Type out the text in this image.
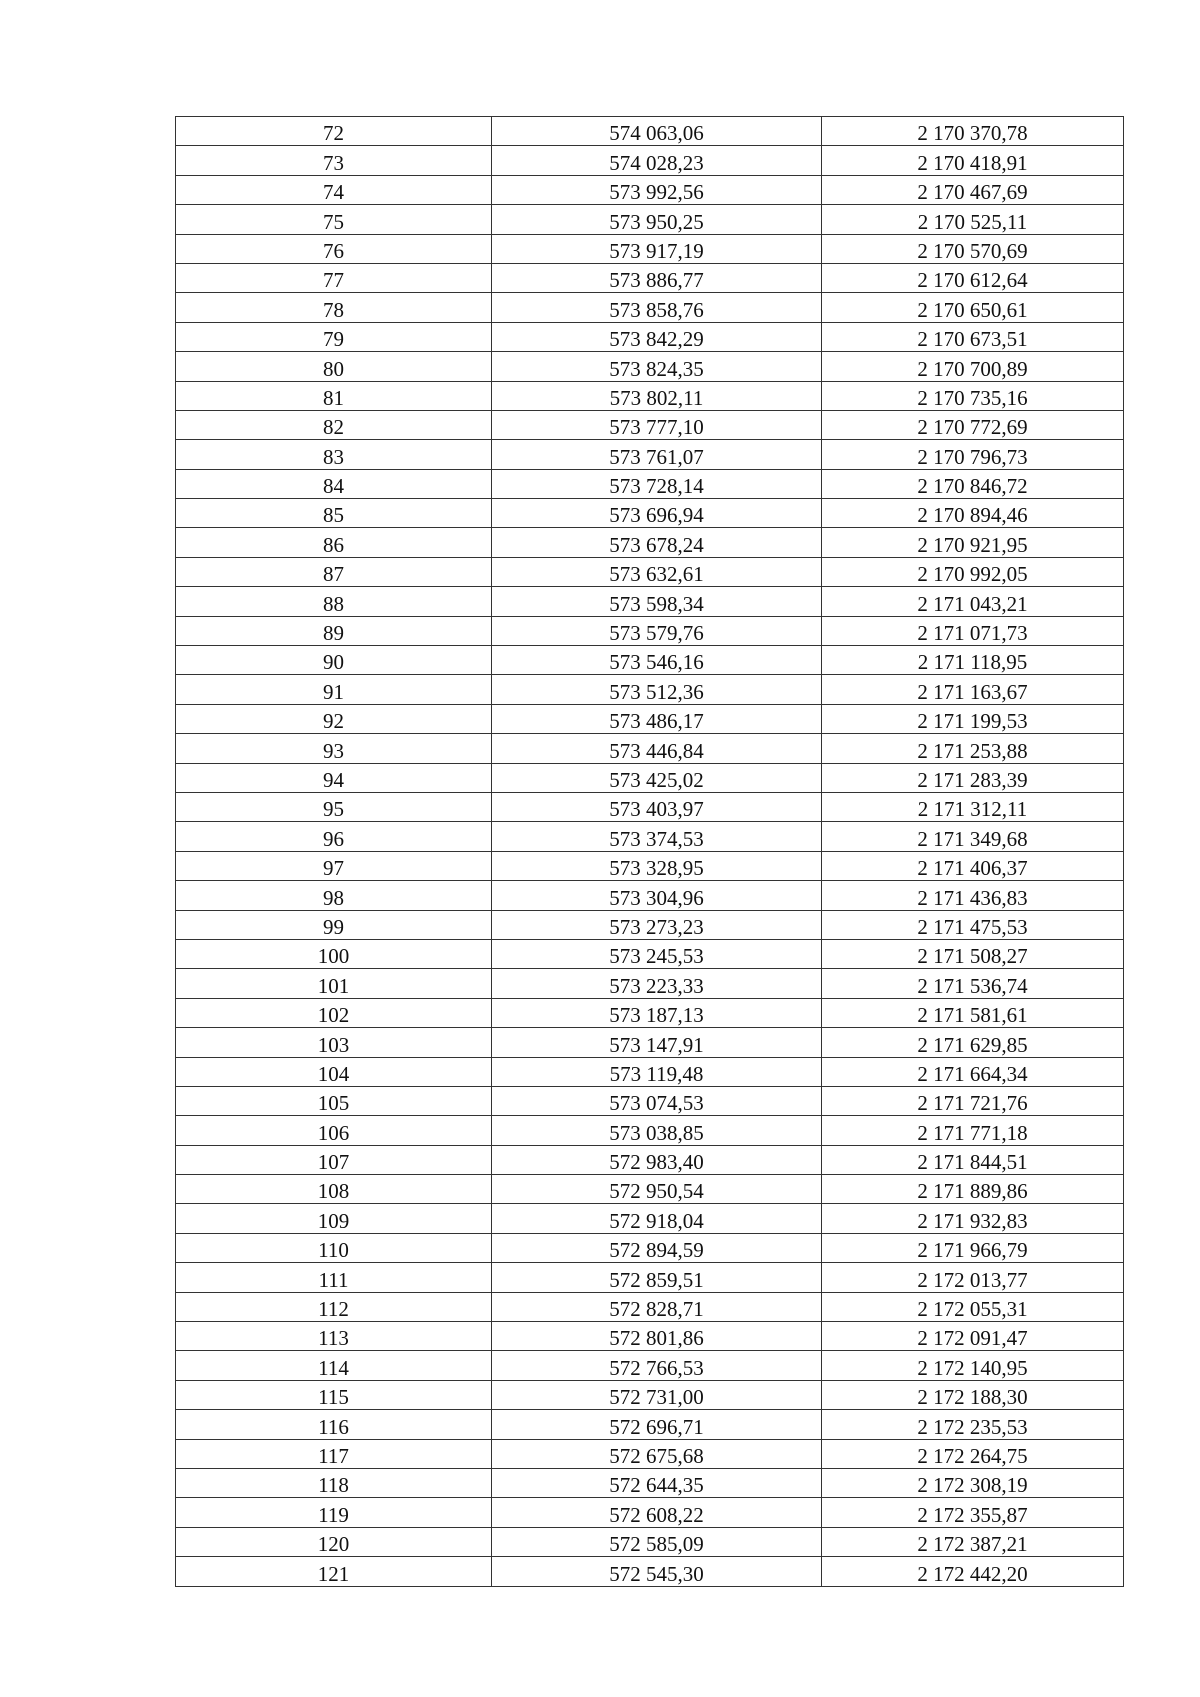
72	574 063,06	2 170 370,78
73	574 028,23	2 170 418,91
74	573 992,56	2 170 467,69
75	573 950,25	2 170 525,11
76	573 917,19	2 170 570,69
77	573 886,77	2 170 612,64
78	573 858,76	2 170 650,61
79	573 842,29	2 170 673,51
80	573 824,35	2 170 700,89
81	573 802,11	2 170 735,16
82	573 777,10	2 170 772,69
83	573 761,07	2 170 796,73
84	573 728,14	2 170 846,72
85	573 696,94	2 170 894,46
86	573 678,24	2 170 921,95
87	573 632,61	2 170 992,05
88	573 598,34	2 171 043,21
89	573 579,76	2 171 071,73
90	573 546,16	2 171 118,95
91	573 512,36	2 171 163,67
92	573 486,17	2 171 199,53
93	573 446,84	2 171 253,88
94	573 425,02	2 171 283,39
95	573 403,97	2 171 312,11
96	573 374,53	2 171 349,68
97	573 328,95	2 171 406,37
98	573 304,96	2 171 436,83
99	573 273,23	2 171 475,53
100	573 245,53	2 171 508,27
101	573 223,33	2 171 536,74
102	573 187,13	2 171 581,61
103	573 147,91	2 171 629,85
104	573 119,48	2 171 664,34
105	573 074,53	2 171 721,76
106	573 038,85	2 171 771,18
107	572 983,40	2 171 844,51
108	572 950,54	2 171 889,86
109	572 918,04	2 171 932,83
110	572 894,59	2 171 966,79
111	572 859,51	2 172 013,77
112	572 828,71	2 172 055,31
113	572 801,86	2 172 091,47
114	572 766,53	2 172 140,95
115	572 731,00	2 172 188,30
116	572 696,71	2 172 235,53
117	572 675,68	2 172 264,75
118	572 644,35	2 172 308,19
119	572 608,22	2 172 355,87
120	572 585,09	2 172 387,21
121	572 545,30	2 172 442,20
